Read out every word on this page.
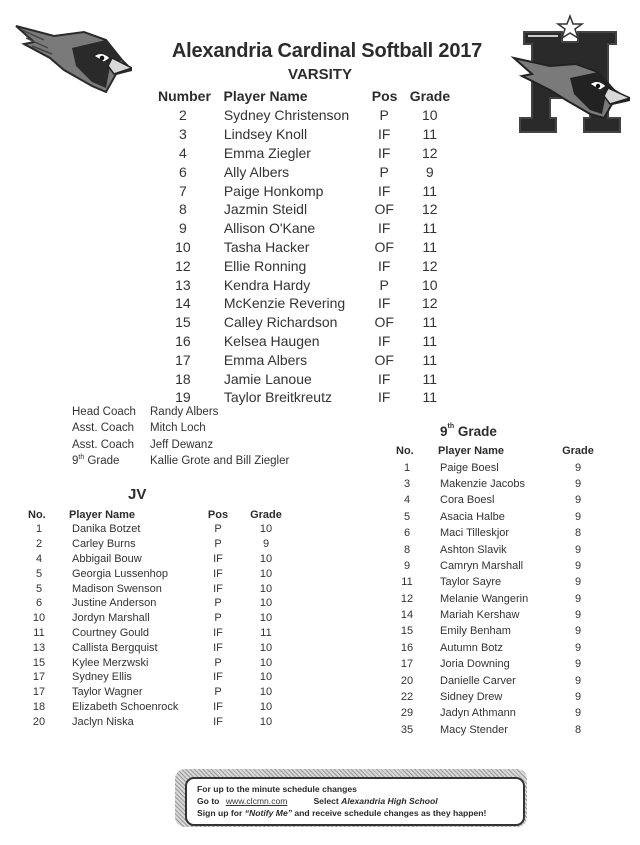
Alexandria Cardinal Softball 2017
VARSITY
Number Player Name	Pos Grade
2	Sydney Christenson	P	10
3	Lindsey Knoll	IF	11
4	Emma Ziegler	IF	12
6	Ally Albers	P	9
7	Paige Honkomp	IF	11
8	Jazmin Steidl	OF	12
9	Allison O'Kane	IF	11
10	Tasha Hacker	OF	11
12	Ellie Ronning	IF	12
13	Kendra Hardy	P	10
14	McKenzie Revering	IF	12
15	Calley Richardson	OF	11
16	Kelsea Haugen	IF	11
17	Emma Albers	OF	11
18	Jamie Lanoue	IF	11
19	Taylor Breitkreutz	IF	11
Head Coach	Randy Albers
Asst. Coach	Mitch Loch
Asst. Coach	Jeff Dewanz
9th Grade	Kallie Grote and Bill Ziegler
JV
No.	Player Name	Pos	Grade
1	Danika Botzet	P	10
2	Carley Burns	P	9
4	Abbigail Bouw	IF	10
5	Georgia Lussenhop	IF	10
5	Madison Swenson	IF	10
6	Justine Anderson	P	10
10	Jordyn Marshall	P	10
11	Courtney Gould	IF	11
13	Callista Bergquist	IF	10
15	Kylee Merzwski	P	10
17	Sydney Ellis	IF	10
17	Taylor Wagner	P	10
18	Elizabeth Schoenrock	IF	10
20	Jaclyn Niska	IF	10
9th Grade
No.	Player Name	Grade
1	Paige Boesl	9
3	Makenzie Jacobs	9
4	Cora Boesl	9
5	Asacia Halbe	9
6	Maci Tilleskjor	8
8	Ashton Slavik	9
9	Camryn Marshall	9
11	Taylor Sayre	9
12	Melanie Wangerin	9
14	Mariah Kershaw	9
15	Emily Benham	9
16	Autumn Botz	9
17	Joria Downing	9
20	Danielle Carver	9
22	Sidney Drew	9
29	Jadyn Athmann	9
35	Macy Stender	8
For up to the minute schedule changes
Go to www.clcmn.com	Select Alexandria High School
Sign up for “Notify Me” and receive schedule changes as they happen!
